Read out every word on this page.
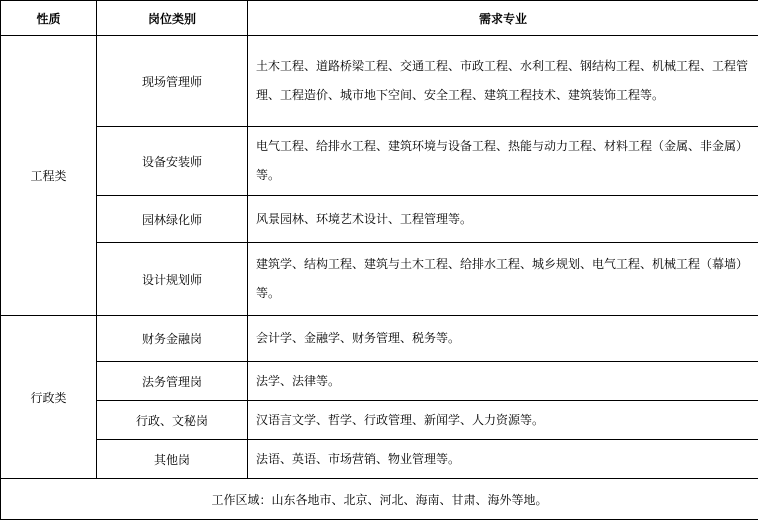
性质	岗位类别	需求专业
工程类	现场管理师	土木工程、道路桥梁工程、交通工程、市政工程、水利工程、钢结构工程、机械工程、工程管理、工程造价、城市地下空间、安全工程、建筑工程技术、建筑装饰工程等。
	设备安装师	电气工程、给排水工程、建筑环境与设备工程、热能与动力工程、材料工程（金属、非金属）等。
	园林绿化师	风景园林、环境艺术设计、工程管理等。
	设计规划师	建筑学、结构工程、建筑与土木工程、给排水工程、城乡规划、电气工程、机械工程（幕墙）等。
行政类	财务金融岗	会计学、金融学、财务管理、税务等。
	法务管理岗	法学、法律等。
	行政、文秘岗	汉语言文学、哲学、行政管理、新闻学、人力资源等。
	其他岗	法语、英语、市场营销、物业管理等。
工作区域：山东各地市、北京、河北、海南、甘肃、海外等地。		
